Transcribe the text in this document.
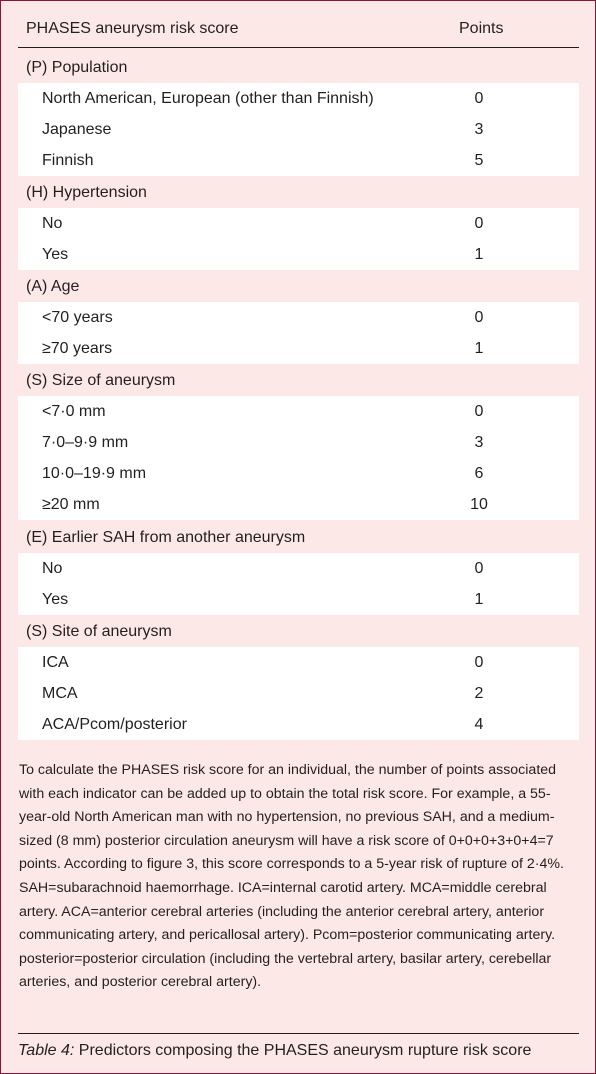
PHASES aneurysm risk score	Points
(P) Population
North American, European (other than Finnish)	0
Japanese	3
Finnish	5
(H) Hypertension
No	0
Yes	1
(A) Age
<70 years	0
≥70 years	1
(S) Size of aneurysm
<7·0 mm	0
7·0–9·9 mm	3
10·0–19·9 mm	6
≥20 mm	10
(E) Earlier SAH from another aneurysm
No	0
Yes	1
(S) Site of aneurysm
ICA	0
MCA	2
ACA/Pcom/posterior	4
To calculate the PHASES risk score for an individual, the number of points associated with each indicator can be added up to obtain the total risk score. For example, a 55-year-old North American man with no hypertension, no previous SAH, and a medium-sized (8 mm) posterior circulation aneurysm will have a risk score of 0+0+0+3+0+4=7 points. According to figure 3, this score corresponds to a 5-year risk of rupture of 2·4%. SAH=subarachnoid haemorrhage. ICA=internal carotid artery. MCA=middle cerebral artery. ACA=anterior cerebral arteries (including the anterior cerebral artery, anterior communicating artery, and pericallosal artery). Pcom=posterior communicating artery. posterior=posterior circulation (including the vertebral artery, basilar artery, cerebellar arteries, and posterior cerebral artery).
Table 4: Predictors composing the PHASES aneurysm rupture risk score
